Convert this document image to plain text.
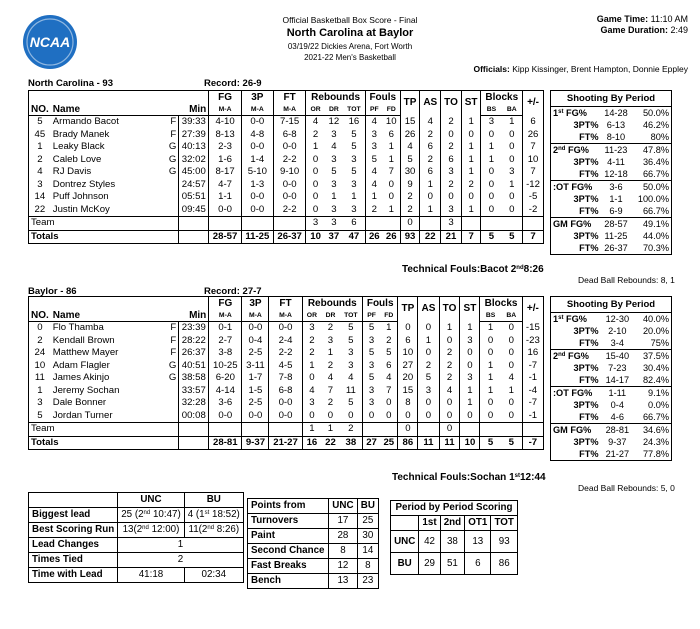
NCAA
Official Basketball Box Score - Final
North Carolina at Baylor
03/19/22 Dickies Arena, Fort Worth
2021-22 Men's Basketball
Game Time: 11:10 AM
Game Duration: 2:49
Officials: Kipp Kissinger, Brent Hampton, Donnie Eppley
North Carolina - 93	Record: 26-9
			FG	3P	FT	Rebounds			Fouls		TP	AS	TO	ST	Blocks		+/-
NO.	Name	Min	M-A	M-A	M-A	OR	DR	TOT	PF	FD					BS	BA	
5	Armando Bacot F	39:33	4-10	0-0	7-15	4	12	16	4	10	15	4	2	1	3	1	6
45	Brady Manek F	27:39	8-13	4-8	6-8	2	3	5	3	6	26	2	0	0	0	0	26
1	Leaky Black G	40:13	2-3	0-0	0-0	1	4	5	3	1	4	6	2	1	1	0	7
2	Caleb Love G	32:02	1-6	1-4	2-2	0	3	3	5	1	5	2	6	1	1	0	10
4	RJ Davis G	45:00	8-17	5-10	9-10	0	5	5	4	7	30	6	3	1	0	3	7
3	Dontrez Styles	24:57	4-7	1-3	0-0	0	3	3	4	0	9	1	2	2	0	1	-12
14	Puff Johnson	05:51	1-1	0-0	0-0	0	1	1	1	0	2	0	0	0	0	0	-5
22	Justin McKoy	09:45	0-0	0-0	2-2	0	3	3	2	1	2	1	3	1	0	0	-2
Team						3	3	6			0		3				
Totals			28-57	11-25	26-37	10	37	47	26	26	93	22	21	7	5	5	7
Technical Fouls:Bacot 2nd8:26
Shooting By Period		
1st FG%	14-28	50.0%
3PT%	6-13	46.2%
FT%	8-10	80%
2nd FG%	11-23	47.8%
3PT%	4-11	36.4%
FT%	12-18	66.7%
:OT FG%	3-6	50.0%
3PT%	1-1	100.0%
FT%	6-9	66.7%
GM FG%	28-57	49.1%
3PT%	11-25	44.0%
FT%	26-37	70.3%
Dead Ball Rebounds: 8, 1
Baylor - 86	Record: 27-7
			FG	3P	FT	Rebounds			Fouls		TP	AS	TO	ST	Blocks		+/-
NO.	Name	Min	M-A	M-A	M-A	OR	DR	TOT	PF	FD					BS	BA	
0	Flo Thamba F	23:39	0-1	0-0	0-0	3	2	5	5	1	0	0	1	1	1	0	-15
2	Kendall Brown F	28:22	2-7	0-4	2-4	2	3	5	3	2	6	1	0	3	0	0	-23
24	Matthew Mayer F	26:37	3-8	2-5	2-2	2	1	3	5	5	10	0	2	0	0	0	16
10	Adam Flagler G	40:51	10-25	3-11	4-5	1	2	3	3	6	27	2	2	0	1	0	-7
11	James Akinjo G	38:58	6-20	1-7	7-8	0	4	4	5	4	20	5	2	3	1	4	-1
1	Jeremy Sochan	33:57	4-14	1-5	6-8	4	7	11	3	7	15	3	4	1	1	1	-4
3	Dale Bonner	32:28	3-6	2-5	0-0	3	2	5	3	0	8	0	0	1	0	0	-7
5	Jordan Turner	00:08	0-0	0-0	0-0	0	0	0	0	0	0	0	0	0	0	0	-1
Team						1	1	2			0		0				
Totals			28-81	9-37	21-27	16	22	38	27	25	86	11	11	10	5	5	-7
Technical Fouls:Sochan 1st12:44
Shooting By Period		
1st FG%	12-30	40.0%
3PT%	2-10	20.0%
FT%	3-4	75%
2nd FG%	15-40	37.5%
3PT%	7-23	30.4%
FT%	14-17	82.4%
:OT FG%	1-11	9.1%
3PT%	0-4	0.0%
FT%	4-6	66.7%
GM FG%	28-81	34.6%
3PT%	9-37	24.3%
FT%	21-27	77.8%
Dead Ball Rebounds: 5, 0
	UNC	BU
Biggest lead	25 (2nd 10:47)	4 (1st 18:52)
Best Scoring Run	13(2nd 12:00)	11(2nd 8:26)
Lead Changes	1	
Times Tied	2	
Time with Lead	41:18	02:34
Points from	UNC	BU
Turnovers	17	25
Paint	28	30
Second Chance	8	14
Fast Breaks	12	8
Bench	13	23
Period by Period Scoring				
	1st	2nd	OT1	TOT
UNC	42	38	13	93
BU	29	51	6	86
